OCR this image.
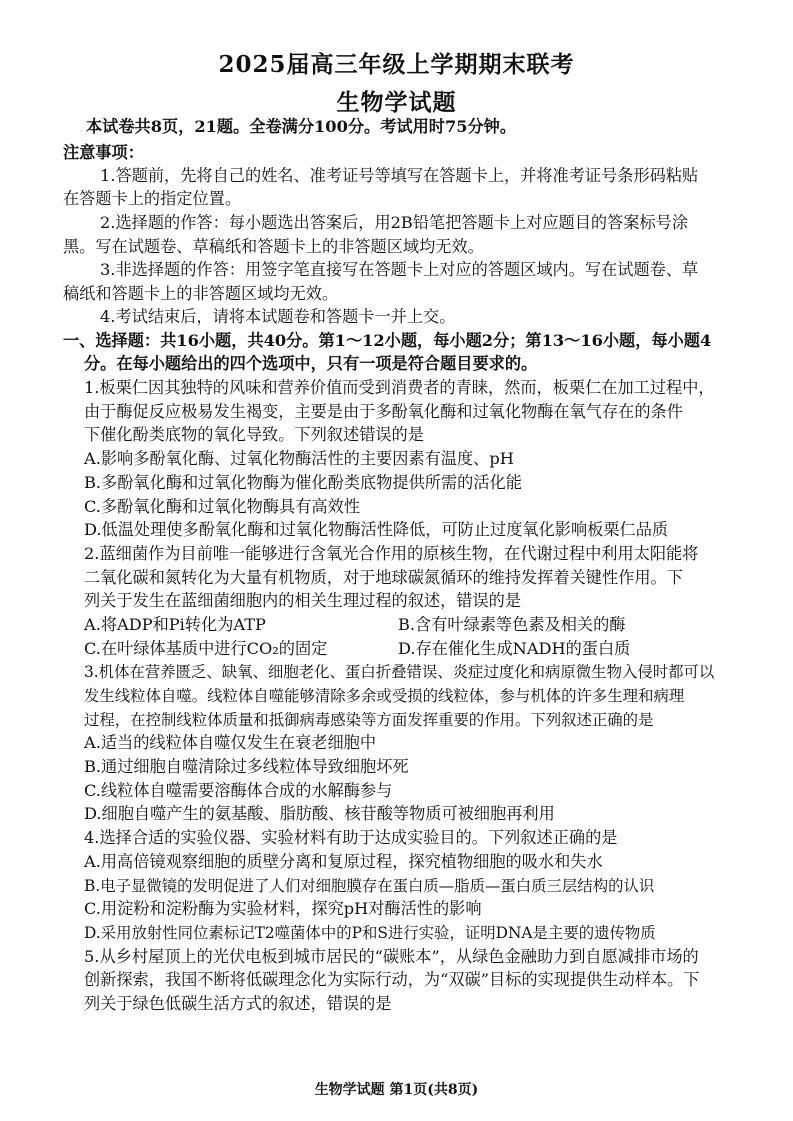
2025届高三年级上学期期末联考
生物学试题
本试卷共8页，21题。全卷满分100分。考试用时75分钟。
注意事项：
1.答题前，先将自己的姓名、准考证号等填写在答题卡上，并将准考证号条形码粘贴
在答题卡上的指定位置。
2.选择题的作答：每小题选出答案后，用2B铅笔把答题卡上对应题目的答案标号涂
黑。写在试题卷、草稿纸和答题卡上的非答题区域均无效。
3.非选择题的作答：用签字笔直接写在答题卡上对应的答题区域内。写在试题卷、草
稿纸和答题卡上的非答题区域均无效。
4.考试结束后，请将本试题卷和答题卡一并上交。
一、选择题：共16小题，共40分。第1～12小题，每小题2分；第13～16小题，每小题4
分。在每小题给出的四个选项中，只有一项是符合题目要求的。
1.板栗仁因其独特的风味和营养价值而受到消费者的青睐，然而，板栗仁在加工过程中，
由于酶促反应极易发生褐变，主要是由于多酚氧化酶和过氧化物酶在氧气存在的条件
下催化酚类底物的氧化导致。下列叙述错误的是
A.影响多酚氧化酶、过氧化物酶活性的主要因素有温度、pH
B.多酚氧化酶和过氧化物酶为催化酚类底物提供所需的活化能
C.多酚氧化酶和过氧化物酶具有高效性
D.低温处理使多酚氧化酶和过氧化物酶活性降低，可防止过度氧化影响板栗仁品质
2.蓝细菌作为目前唯一能够进行含氧光合作用的原核生物，在代谢过程中利用太阳能将
二氧化碳和氮转化为大量有机物质，对于地球碳氮循环的维持发挥着关键性作用。下
列关于发生在蓝细菌细胞内的相关生理过程的叙述，错误的是
A.将ADP和Pi转化为ATP	B.含有叶绿素等色素及相关的酶
C.在叶绿体基质中进行CO₂的固定	D.存在催化生成NADH的蛋白质
3.机体在营养匮乏、缺氧、细胞老化、蛋白折叠错误、炎症过度化和病原微生物入侵时都可以
发生线粒体自噬。线粒体自噬能够清除多余或受损的线粒体，参与机体的许多生理和病理
过程，在控制线粒体质量和抵御病毒感染等方面发挥重要的作用。下列叙述正确的是
A.适当的线粒体自噬仅发生在衰老细胞中
B.通过细胞自噬清除过多线粒体导致细胞坏死
C.线粒体自噬需要溶酶体合成的水解酶参与
D.细胞自噬产生的氨基酸、脂肪酸、核苷酸等物质可被细胞再利用
4.选择合适的实验仪器、实验材料有助于达成实验目的。下列叙述正确的是
A.用高倍镜观察细胞的质壁分离和复原过程，探究植物细胞的吸水和失水
B.电子显微镜的发明促进了人们对细胞膜存在蛋白质—脂质—蛋白质三层结构的认识
C.用淀粉和淀粉酶为实验材料，探究pH对酶活性的影响
D.采用放射性同位素标记T2噬菌体中的P和S进行实验，证明DNA是主要的遗传物质
5.从乡村屋顶上的光伏电板到城市居民的“碳账本”，从绿色金融助力到自愿减排市场的
创新探索，我国不断将低碳理念化为实际行动，为“双碳”目标的实现提供生动样本。下
列关于绿色低碳生活方式的叙述，错误的是
生物学试题 第1页(共8页)
